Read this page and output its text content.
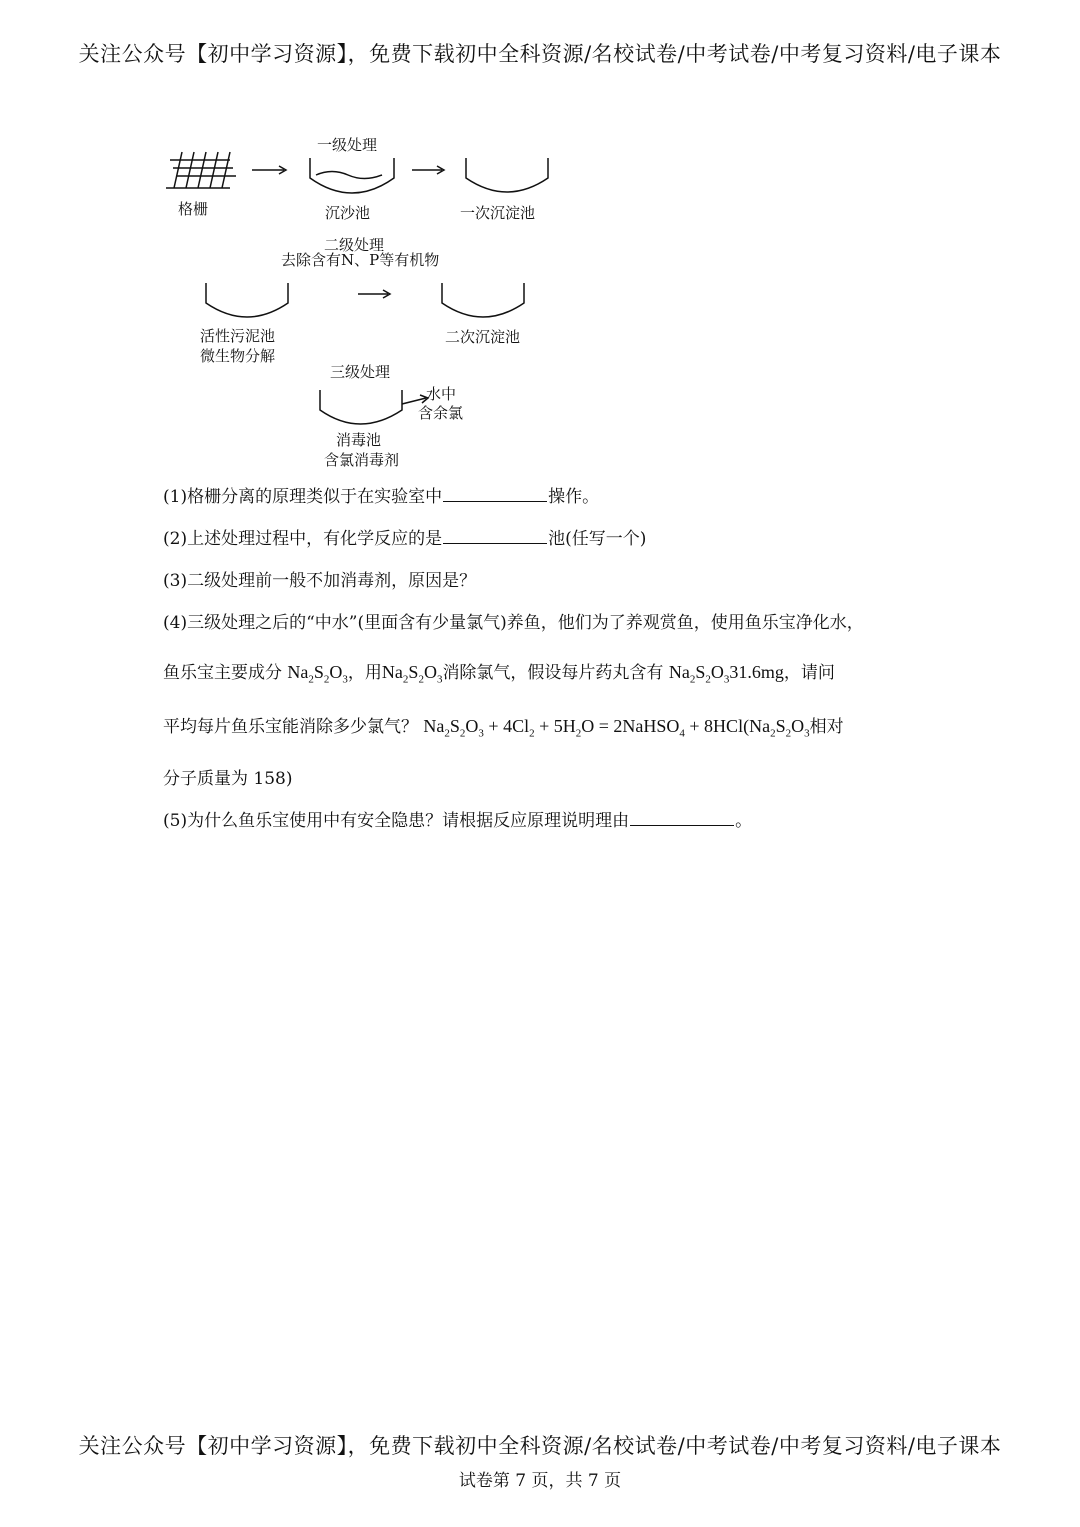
关注公众号【初中学习资源】，免费下载初中全科资源/名校试卷/中考试卷/中考复习资料/电子课本
格栅
一级处理
沉沙池	一次沉淀池
二级处理
去除含有N、P等有机物
活性污泥池
微生物分解
二次沉淀池
三级处理
水中
含余氯
消毒池
含氯消毒剂
(1)格栅分离的原理类似于在实验室中	操作。
(2)上述处理过程中，有化学反应的是	池(任写一个)
(3)二级处理前一般不加消毒剂，原因是？
(4)三级处理之后的“中水”(里面含有少量氯气)养鱼，他们为了养观赏鱼，使用鱼乐宝净化水，
鱼乐宝主要成分 $Na_2S_2O_3$，用$Na_2S_2O_3$消除氯气，假设每片药丸含有 $Na_2S_2O_331.6mg$，请问
平均每片鱼乐宝能消除多少氯气？ $Na_2S_2O_3 + 4Cl_2 + 5H_2O$ = 2NaHSO$_4$ + $8HCl(Na_2S_2O_3$相对
分子质量为 158)
(5)为什么鱼乐宝使用中有安全隐患？请根据反应原理说明理由	。
关注公众号【初中学习资源】，免费下载初中全科资源/名校试卷/中考试卷/中考复习资料/电子课本
试卷第 7 页，共 7 页
